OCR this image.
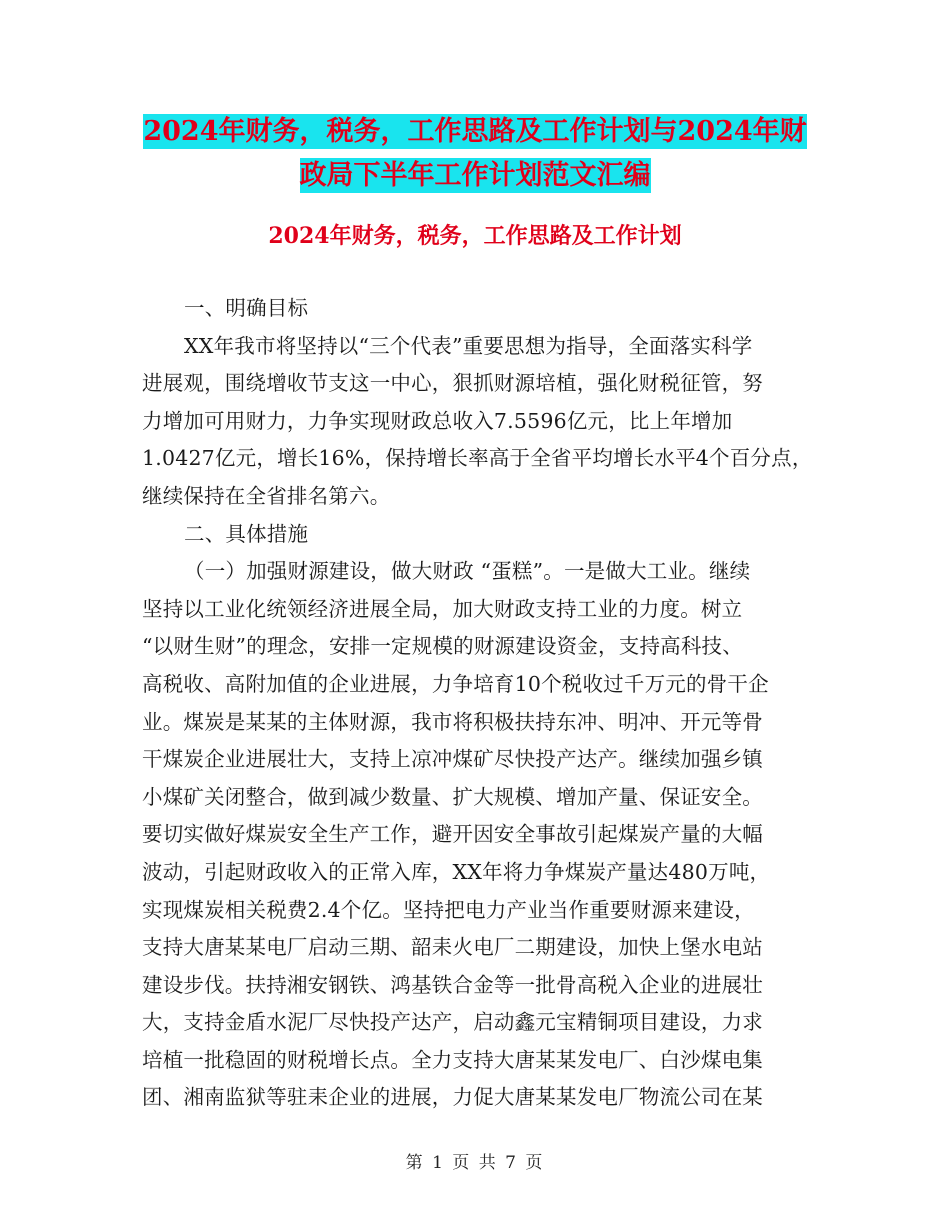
2024年财务，税务，工作思路及工作计划与2024年财
政局下半年工作计划范文汇编
2024年财务，税务，工作思路及工作计划
一、明确目标
XX年我市将坚持以“三个代表”重要思想为指导，全面落实科学
进展观，围绕增收节支这一中心，狠抓财源培植，强化财税征管，努
力增加可用财力，力争实现财政总收入7.5596亿元，比上年增加
1.0427亿元，增长16%，保持增长率高于全省平均增长水平4个百分点，
继续保持在全省排名第六。
二、具体措施
（一）加强财源建设，做大财政 “蛋糕”。一是做大工业。继续
坚持以工业化统领经济进展全局，加大财政支持工业的力度。树立
“以财生财”的理念，安排一定规模的财源建设资金，支持高科技、
高税收、高附加值的企业进展，力争培育10个税收过千万元的骨干企
业。煤炭是某某的主体财源，我市将积极扶持东冲、明冲、开元等骨
干煤炭企业进展壮大，支持上凉冲煤矿尽快投产达产。继续加强乡镇
小煤矿关闭整合，做到减少数量、扩大规模、增加产量、保证安全。
要切实做好煤炭安全生产工作，避开因安全事故引起煤炭产量的大幅
波动，引起财政收入的正常入库，XX年将力争煤炭产量达480万吨，
实现煤炭相关税费2.4个亿。坚持把电力产业当作重要财源来建设，
支持大唐某某电厂启动三期、韶耒火电厂二期建设，加快上堡水电站
建设步伐。扶持湘安钢铁、鸿基铁合金等一批骨高税入企业的进展壮
大，支持金盾水泥厂尽快投产达产，启动鑫元宝精铜项目建设，力求
培植一批稳固的财税增长点。全力支持大唐某某发电厂、白沙煤电集
团、湘南监狱等驻耒企业的进展，力促大唐某某发电厂物流公司在某
第 1 页 共 7 页
